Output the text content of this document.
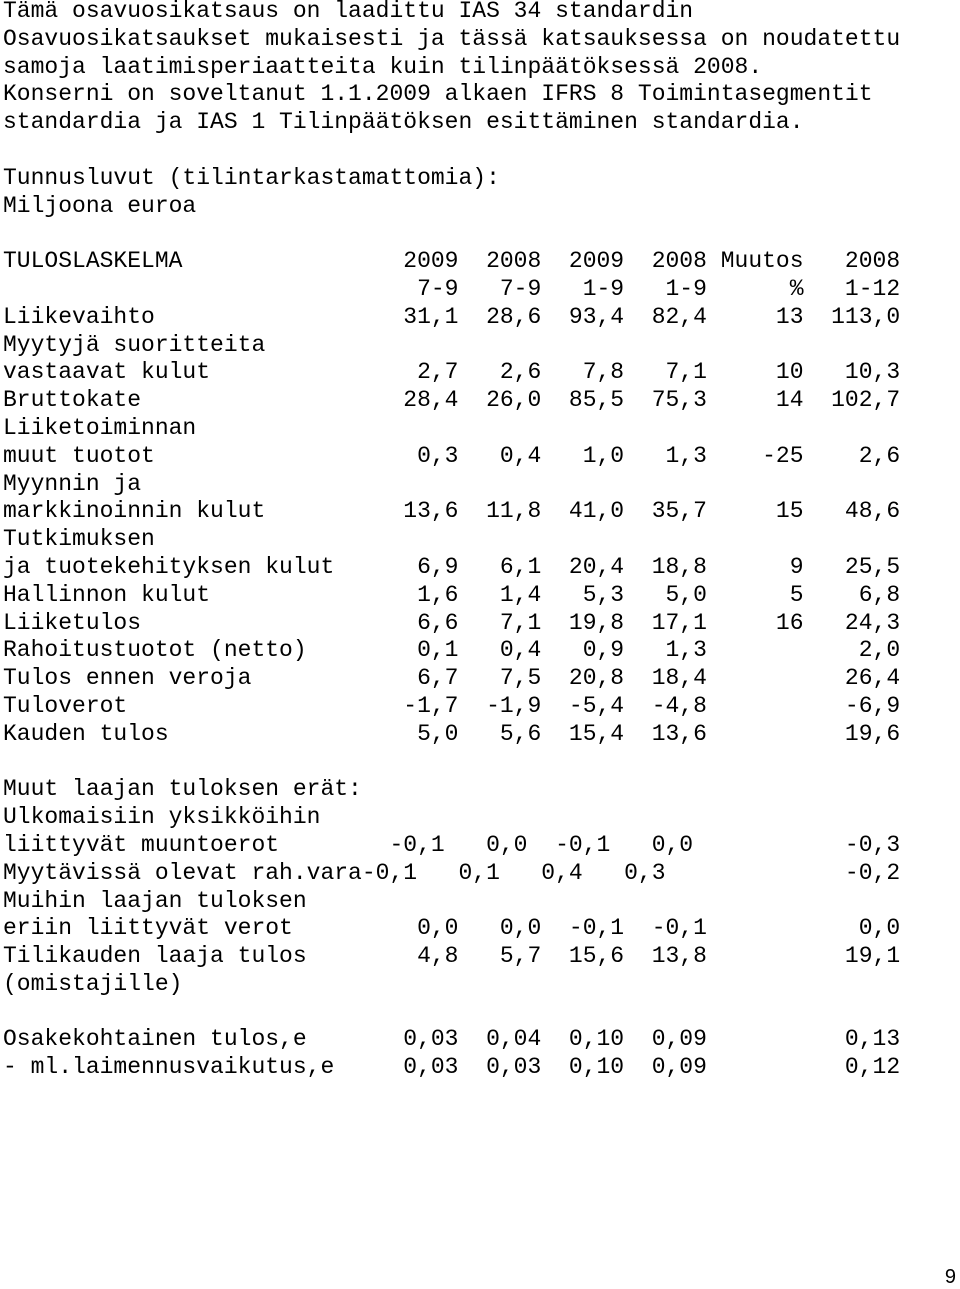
Tämä osavuosikatsaus on laadittu IAS 34 standardin
Osavuosikatsaukset mukaisesti ja tässä katsauksessa on noudatettu
samoja laatimisperiaatteita kuin tilinpäätöksessä 2008.
Konserni on soveltanut 1.1.2009 alkaen IFRS 8 Toimintasegmentit
standardia ja IAS 1 Tilinpäätöksen esittäminen standardia.
Tunnusluvut (tilintarkastamattomia):
Miljoona euroa
TULOSLASKELMA                2009  2008  2009  2008 Muutos   2008
7-9   7-9   1-9   1-9      %   1-12
Liikevaihto                  31,1  28,6  93,4  82,4     13  113,0
Myytyjä suoritteita
vastaavat kulut               2,7   2,6   7,8   7,1     10   10,3
Bruttokate                   28,4  26,0  85,5  75,3     14  102,7
Liiketoiminnan
muut tuotot                   0,3   0,4   1,0   1,3    -25    2,6
Myynnin ja
markkinoinnin kulut          13,6  11,8  41,0  35,7     15   48,6
Tutkimuksen
ja tuotekehityksen kulut      6,9   6,1  20,4  18,8      9   25,5
Hallinnon kulut               1,6   1,4   5,3   5,0      5    6,8
Liiketulos                    6,6   7,1  19,8  17,1     16   24,3
Rahoitustuotot (netto)        0,1   0,4   0,9   1,3           2,0
Tulos ennen veroja            6,7   7,5  20,8  18,4          26,4
Tuloverot                    -1,7  -1,9  -5,4  -4,8          -6,9
Kauden tulos                  5,0   5,6  15,4  13,6          19,6
Muut laajan tuloksen erät:
Ulkomaisiin yksikköihin
liittyvät muuntoerot        -0,1   0,0  -0,1   0,0           -0,3
Myytävissä olevat rah.vara-0,1   0,1   0,4   0,3             -0,2
Muihin laajan tuloksen
eriin liittyvät verot         0,0   0,0  -0,1  -0,1           0,0
Tilikauden laaja tulos        4,8   5,7  15,6  13,8          19,1
(omistajille)
Osakekohtainen tulos,e       0,03  0,04  0,10  0,09          0,13
- ml.laimennusvaikutus,e     0,03  0,03  0,10  0,09          0,12
9
